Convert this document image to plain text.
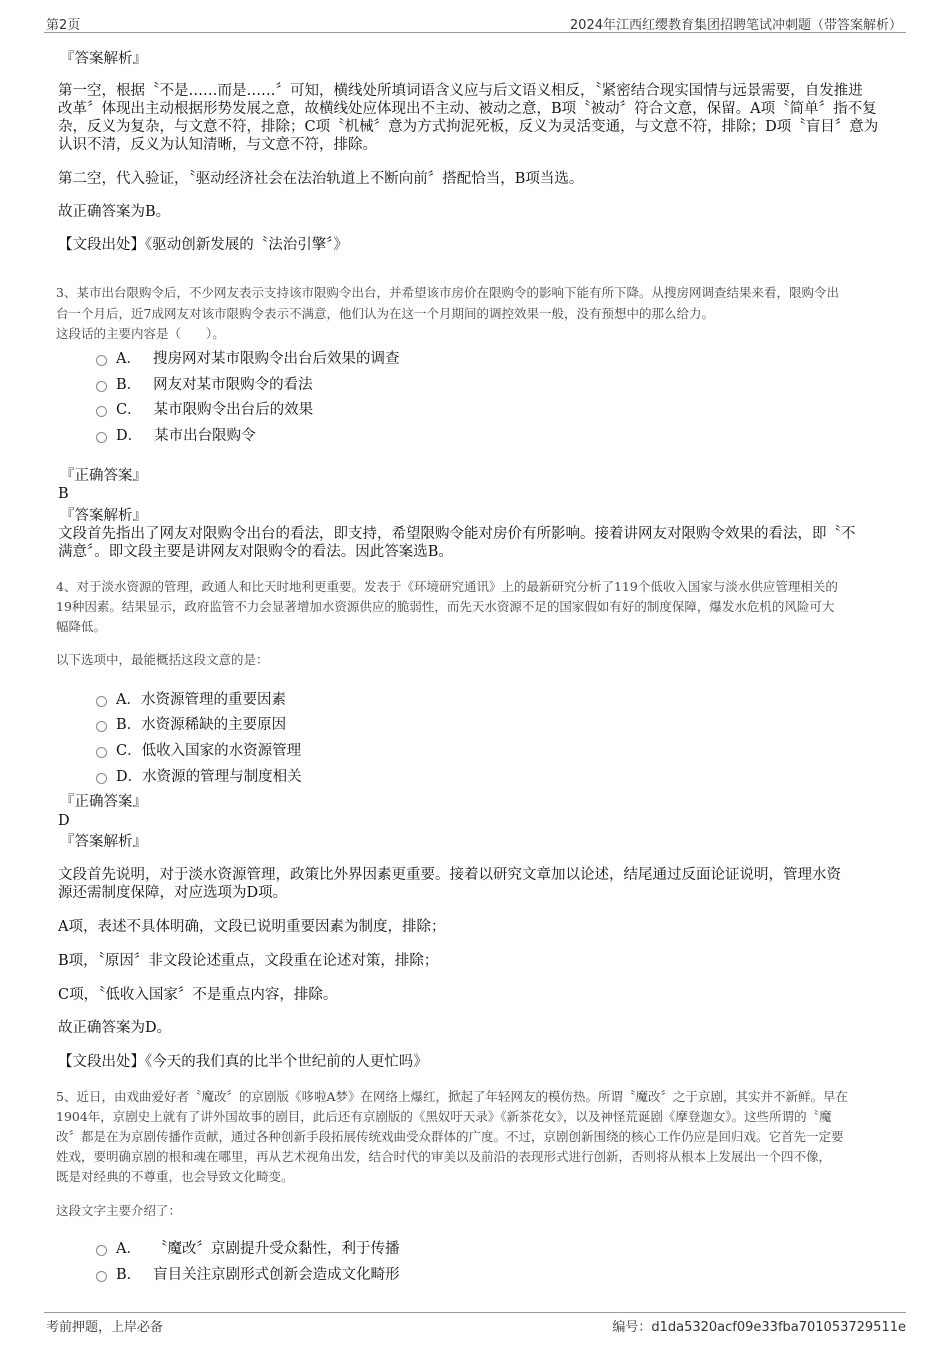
第2页	2024年江西红缨教育集团招聘笔试冲刺题（带答案解析）
『答案解析』
第一空，根据〝不是……而是……〞可知，横线处所填词语含义应与后文语义相反，〝紧密结合现实国情与远景需要，自发推进
改革〞体现出主动根据形势发展之意，故横线处应体现出不主动、被动之意，B项〝被动〞符合文意，保留。A项〝简单〞指不复
杂，反义为复杂，与文意不符，排除；C项〝机械〞意为方式拘泥死板，反义为灵活变通，与文意不符，排除；D项〝盲目〞意为
认识不清，反义为认知清晰，与文意不符，排除。
第二空，代入验证，〝驱动经济社会在法治轨道上不断向前〞搭配恰当，B项当选。
故正确答案为B。
【文段出处】《驱动创新发展的〝法治引擎〞》
3、某市出台限购令后，不少网友表示支持该市限购令出台，并希望该市房价在限购令的影响下能有所下降。从搜房网调查结果来看，限购令出
台一个月后，近7成网友对该市限购令表示不满意，他们认为在这一个月期间的调控效果一般，没有预想中的那么给力。
这段话的主要内容是（　　）。
A． 搜房网对某市限购令出台后效果的调查
B． 网友对某市限购令的看法
C． 某市限购令出台后的效果
D． 某市出台限购令
『正确答案』
B
『答案解析』
文段首先指出了网友对限购令出台的看法，即支持，希望限购令能对房价有所影响。接着讲网友对限购令效果的看法，即〝不
满意〞。即文段主要是讲网友对限购令的看法。因此答案选B。
4、对于淡水资源的管理，政通人和比天时地利更重要。发表于《环境研究通讯》上的最新研究分析了119个低收入国家与淡水供应管理相关的
19种因素。结果显示，政府监管不力会显著增加水资源供应的脆弱性，而先天水资源不足的国家假如有好的制度保障，爆发水危机的风险可大
幅降低。
以下选项中，最能概括这段文意的是：
A．水资源管理的重要因素
B．水资源稀缺的主要原因
C．低收入国家的水资源管理
D．水资源的管理与制度相关
『正确答案』
D
『答案解析』
文段首先说明，对于淡水资源管理，政策比外界因素更重要。接着以研究文章加以论述，结尾通过反面论证说明，管理水资
源还需制度保障，对应选项为D项。
A项，表述不具体明确，文段已说明重要因素为制度，排除；
B项，〝原因〞非文段论述重点，文段重在论述对策，排除；
C项，〝低收入国家〞不是重点内容，排除。
故正确答案为D。
【文段出处】《今天的我们真的比半个世纪前的人更忙吗》
5、近日，由戏曲爱好者〝魔改〞的京剧版《哆啦A梦》在网络上爆红，掀起了年轻网友的模仿热。所谓〝魔改〞之于京剧，其实并不新鲜。早在
1904年，京剧史上就有了讲外国故事的剧目，此后还有京剧版的《黑奴吁天录》《新茶花女》，以及神怪荒诞剧《摩登迦女》。这些所谓的〝魔
改〞都是在为京剧传播作贡献，通过各种创新手段拓展传统戏曲受众群体的广度。不过，京剧创新围绕的核心工作仍应是回归戏。它首先一定要
姓戏，要明确京剧的根和魂在哪里，再从艺术视角出发，结合时代的审美以及前沿的表现形式进行创新，否则将从根本上发展出一个四不像，
既是对经典的不尊重，也会导致文化畸变。
这段文字主要介绍了：
A． 〝魔改〞京剧提升受众黏性，利于传播
B． 盲目关注京剧形式创新会造成文化畸形
考前押题，上岸必备	编号：d1da5320acf09e33fba701053729511e
